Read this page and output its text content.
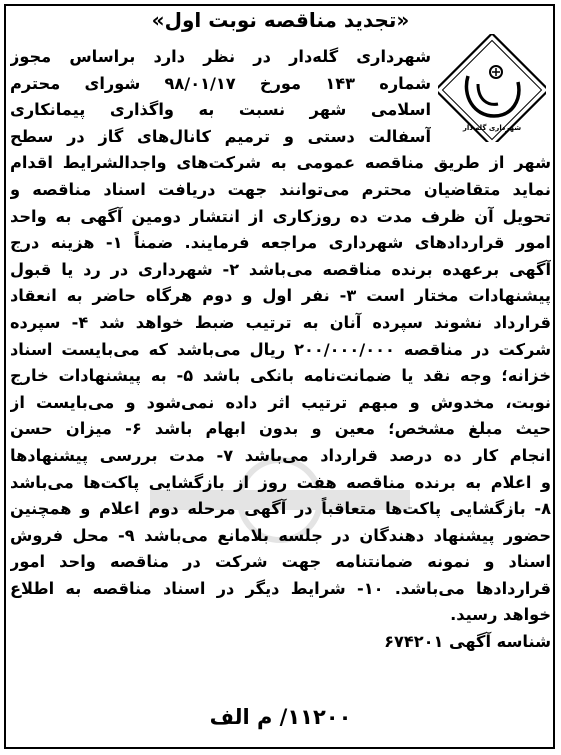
«تجدید مناقصه نوبت اول»
شهرداری گله دار
شهرداری گله‌دار در نظر دارد براساس مجوز
شماره ۱۴۳ مورخ ۹۸/۰۱/۱۷ شورای محترم
اسلامی شهر نسبت به واگذاری پیمانکاری
آسفالت دستی و ترمیم کانال‌های گاز در سطح
شهر از طریق مناقصه عمومی به شرکت‌های واجدالشرایط اقدام
نماید متقاضیان محترم می‌توانند جهت دریافت اسناد مناقصه و
تحویل آن ظرف مدت ده روزکاری از انتشار دومین آگهی به واحد
امور قراردادهای شهرداری مراجعه فرمایند. ضمناً ۱- هزینه درج
آگهی برعهده برنده مناقصه می‌باشد ۲- شهرداری در رد یا قبول
پیشنهادات مختار است ۳- نفر اول و دوم هرگاه حاضر به انعقاد
قرارداد نشوند سپرده آنان به ترتیب ضبط خواهد شد ۴- سپرده
شرکت در مناقصه ۲۰۰/۰۰۰/۰۰۰ ریال می‌باشد که می‌بایست اسناد
خزانه؛ وجه نقد یا ضمانت‌نامه بانکی باشد ۵- به پیشنهادات خارج
نوبت، مخدوش و مبهم ترتیب اثر داده نمی‌شود و می‌بایست از
حیث مبلغ مشخص؛ معین و بدون ابهام باشد ۶- میزان حسن
انجام کار ده درصد قرارداد می‌باشد ۷- مدت بررسی پیشنهادها
و اعلام به برنده مناقصه هفت روز از بازگشایی پاکت‌ها می‌باشد
۸- بازگشایی پاکت‌ها متعاقباً در آگهی مرحله دوم اعلام و همچنین
حضور پیشنهاد دهندگان در جلسه بلامانع می‌باشد ۹- محل فروش
اسناد و نمونه ضمانتنامه جهت شرکت در مناقصه واحد امور
قراردادها می‌باشد. ۱۰- شرایط دیگر در اسناد مناقصه به اطلاع
خواهد رسید.
شناسه آگهی ۶۷۴۲۰۱
۱۱۲۰۰/ م الف
